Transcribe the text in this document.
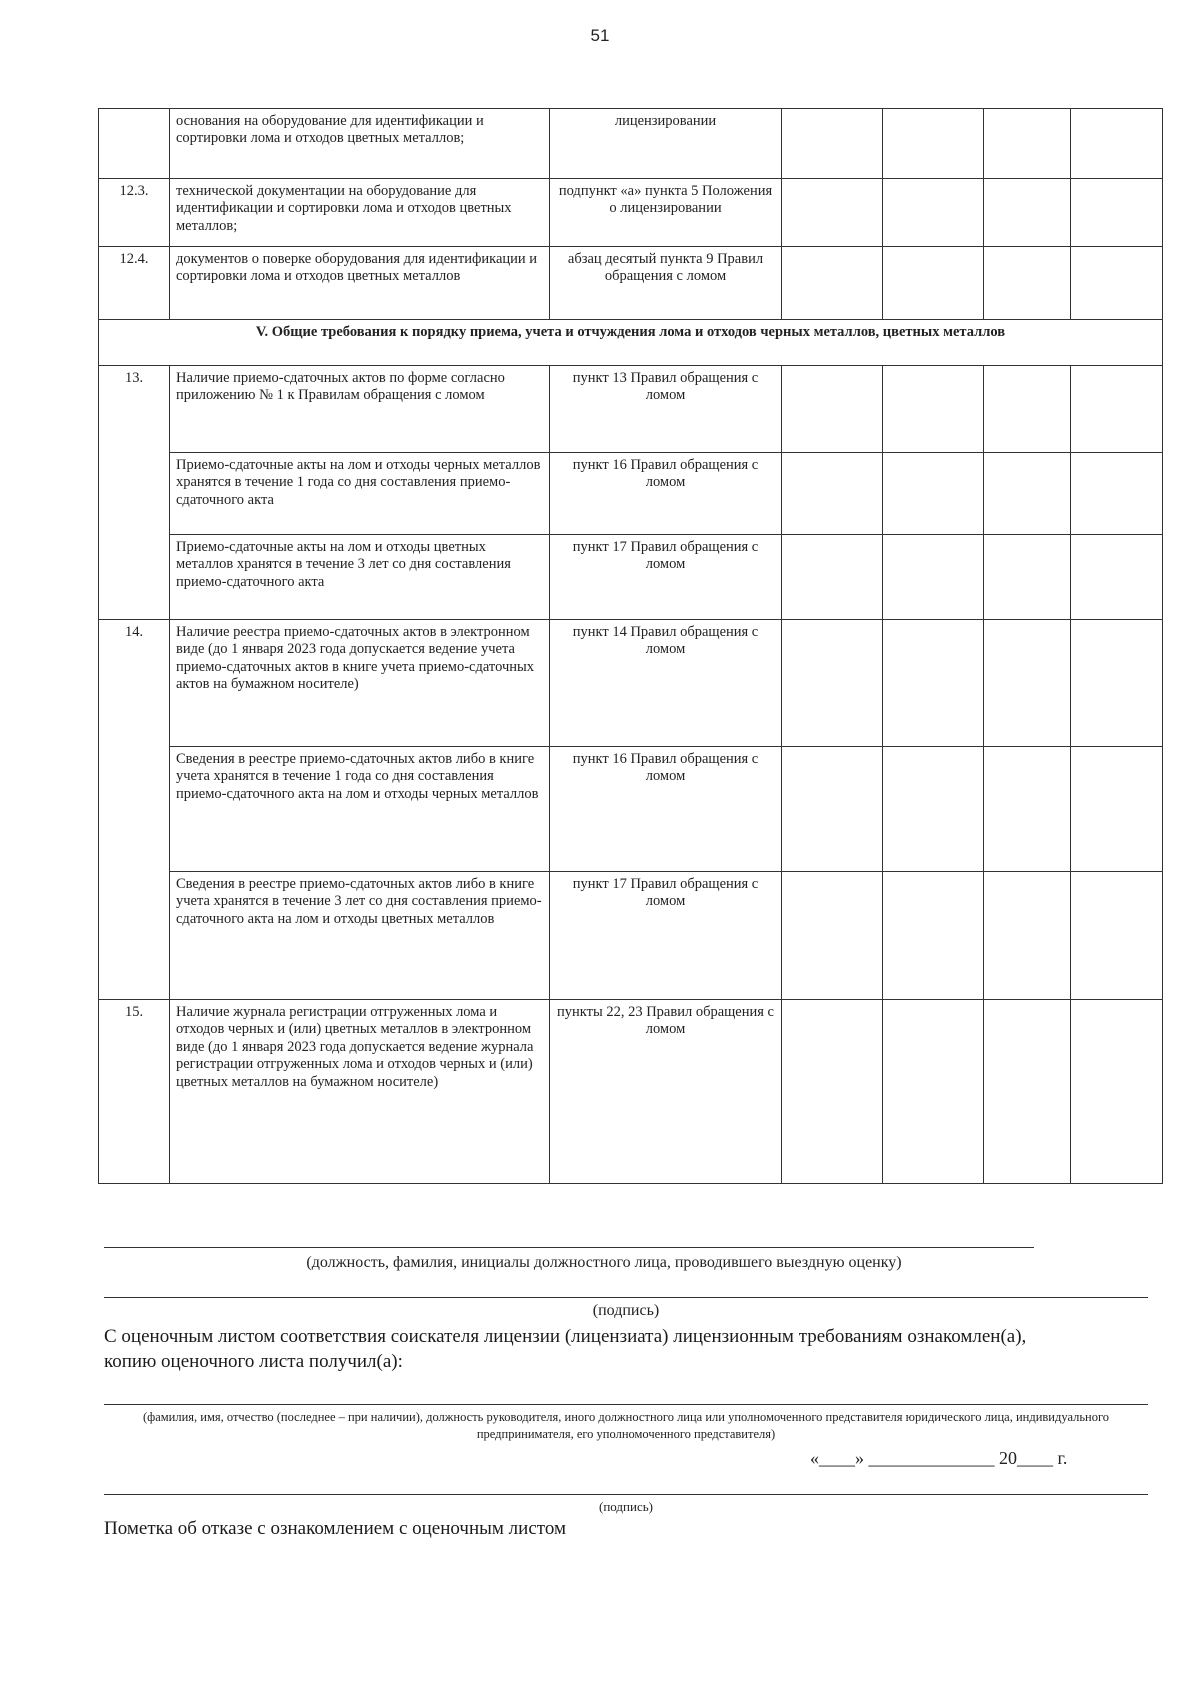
51
	основания на оборудование для идентификации и сортировки лома и отходов цветных металлов;	лицензировании				
12.3.	технической документации на оборудование для идентификации и сортировки лома и отходов цветных металлов;	подпункт «а» пункта 5 Положения о лицензировании				
12.4.	документов о поверке оборудования для идентификации и сортировки лома и отходов цветных металлов	абзац десятый пункта 9 Правил обращения с ломом				
V. Общие требования к порядку приема, учета и отчуждения лома и отходов черных металлов, цветных металлов						
13.	Наличие приемо-сдаточных актов по форме согласно приложению № 1 к Правилам обращения с ломом	пункт 13 Правил обращения с ломом				
	Приемо-сдаточные акты на лом и отходы черных металлов хранятся в течение 1 года со дня составления приемо-сдаточного акта	пункт 16 Правил обращения с ломом				
	Приемо-сдаточные акты на лом и отходы цветных металлов хранятся в течение 3 лет со дня составления приемо-сдаточного акта	пункт 17 Правил обращения с ломом				
14.	Наличие реестра приемо-сдаточных актов в электронном виде (до 1 января 2023 года допускается ведение учета приемо-сдаточных актов в книге учета приемо-сдаточных актов на бумажном носителе)	пункт 14 Правил обращения с ломом				
	Сведения в реестре приемо-сдаточных актов либо в книге учета хранятся в течение 1 года со дня составления приемо-сдаточного акта на лом и отходы черных металлов	пункт 16 Правил обращения с ломом				
	Сведения в реестре приемо-сдаточных актов либо в книге учета хранятся в течение 3 лет со дня составления приемо-сдаточного акта на лом и отходы цветных металлов	пункт 17 Правил обращения с ломом				
15.	Наличие журнала регистрации отгруженных лома и отходов черных и (или) цветных металлов в электронном виде (до 1 января 2023 года допускается ведение журнала регистрации отгруженных лома и отходов черных и (или) цветных металлов на бумажном носителе)	пункты 22, 23 Правил обращения с ломом				
(должность, фамилия, инициалы должностного лица, проводившего выездную оценку)
(подпись)
С оценочным листом соответствия соискателя лицензии (лицензиата) лицензионным требованиям ознакомлен(а), копию оценочного листа получил(а):
(фамилия, имя, отчество (последнее – при наличии), должность руководителя, иного должностного лица или уполномоченного представителя юридического лица, индивидуального предпринимателя, его уполномоченного представителя)
«____» ______________ 20____ г.
(подпись)
Пометка об отказе с ознакомлением с оценочным листом
